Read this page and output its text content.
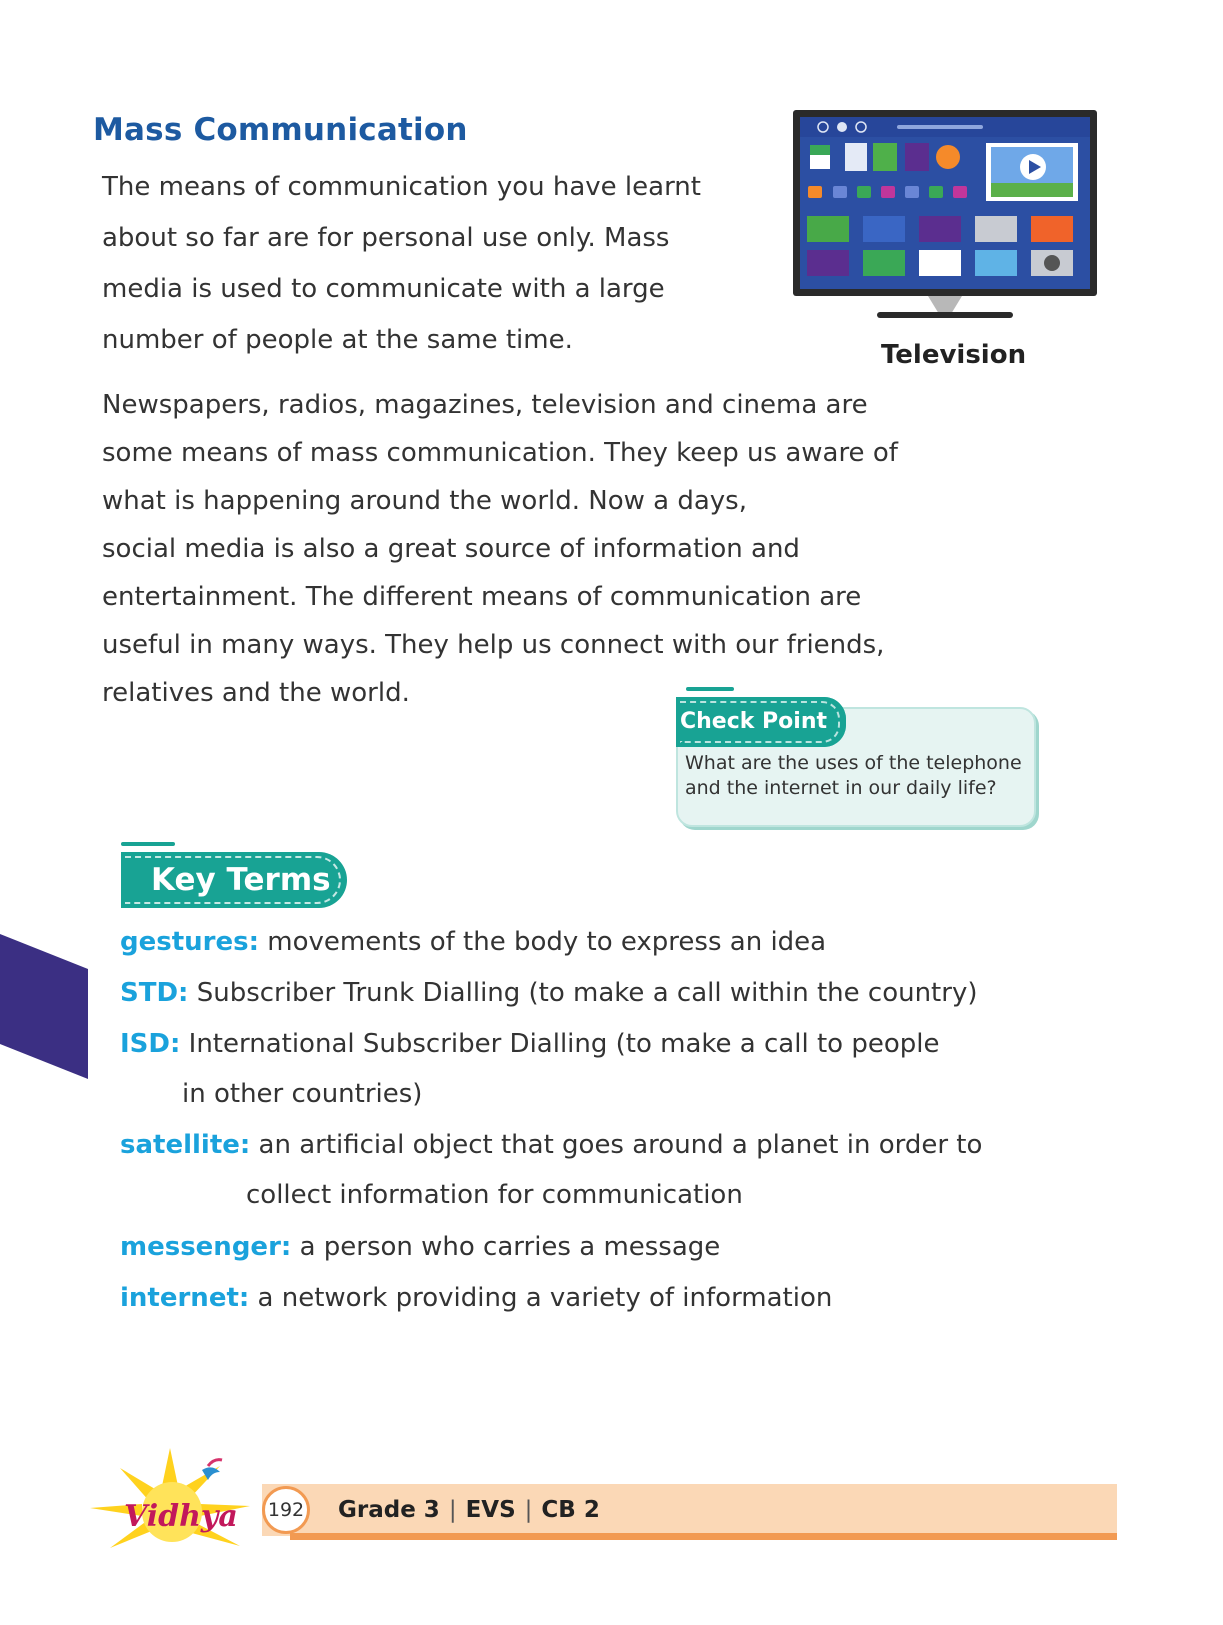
Mass Communication

The means of communication you have learnt
about so far are for personal use only. Mass
media is used to communicate with a large
number of people at the same time.	Television

Newspapers, radios, magazines, television and cinema are
some means of mass communication. They keep us aware of
what is happening around the world. Now a days,
social media is also a great source of information and
entertainment. The different means of communication are
useful in many ways. They help us connect with our friends,
relatives and the world.

Check Point

What are the uses of the telephone
and the internet in our daily life?

Key Terms

gestures: movements of the body to express an idea

STD: Subscriber Trunk Dialling (to make a call within the country)

ISD: International Subscriber Dialling (to make a call to people

in other countries)

satellite: an artificial object that goes around a planet in order to

collect information for communication

messenger: a person who carries a message

internet: a network providing a variety of information

192 Grade 3 | EVS | CB 2
Vidhya
